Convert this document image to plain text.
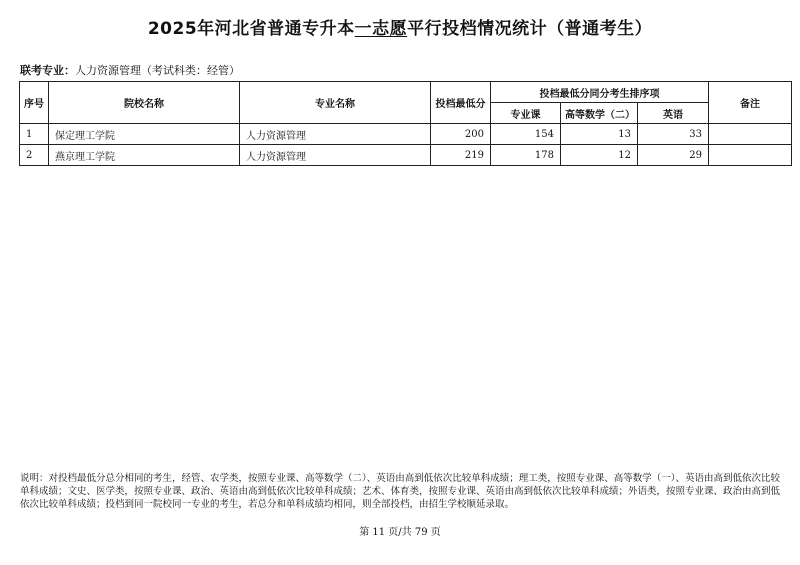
2025年河北省普通专升本一志愿平行投档情况统计（普通考生）
联考专业：人力资源管理（考试科类：经管）
序号	院校名称	专业名称	投档最低分	投档最低分同分考生排序项			备注
				专业课	高等数学（二）	英语	
1	保定理工学院	人力资源管理	200	154	13	33	
2	燕京理工学院	人力资源管理	219	178	12	29	
说明：对投档最低分总分相同的考生，经管、农学类，按照专业课、高等数学（二）、英语由高到低依次比较单科成绩；理工类，按照专业课、高等数学（一）、英语由高到低依次比较单科成绩；文史、医学类，按照专业课、政治、英语由高到低依次比较单科成绩；艺术、体育类，按照专业课、英语由高到低依次比较单科成绩；外语类，按照专业课、政治由高到低依次比较单科成绩；投档到同一院校同一专业的考生，若总分和单科成绩均相同，则全部投档，由招生学校顺延录取。
第 11 页/共 79 页
